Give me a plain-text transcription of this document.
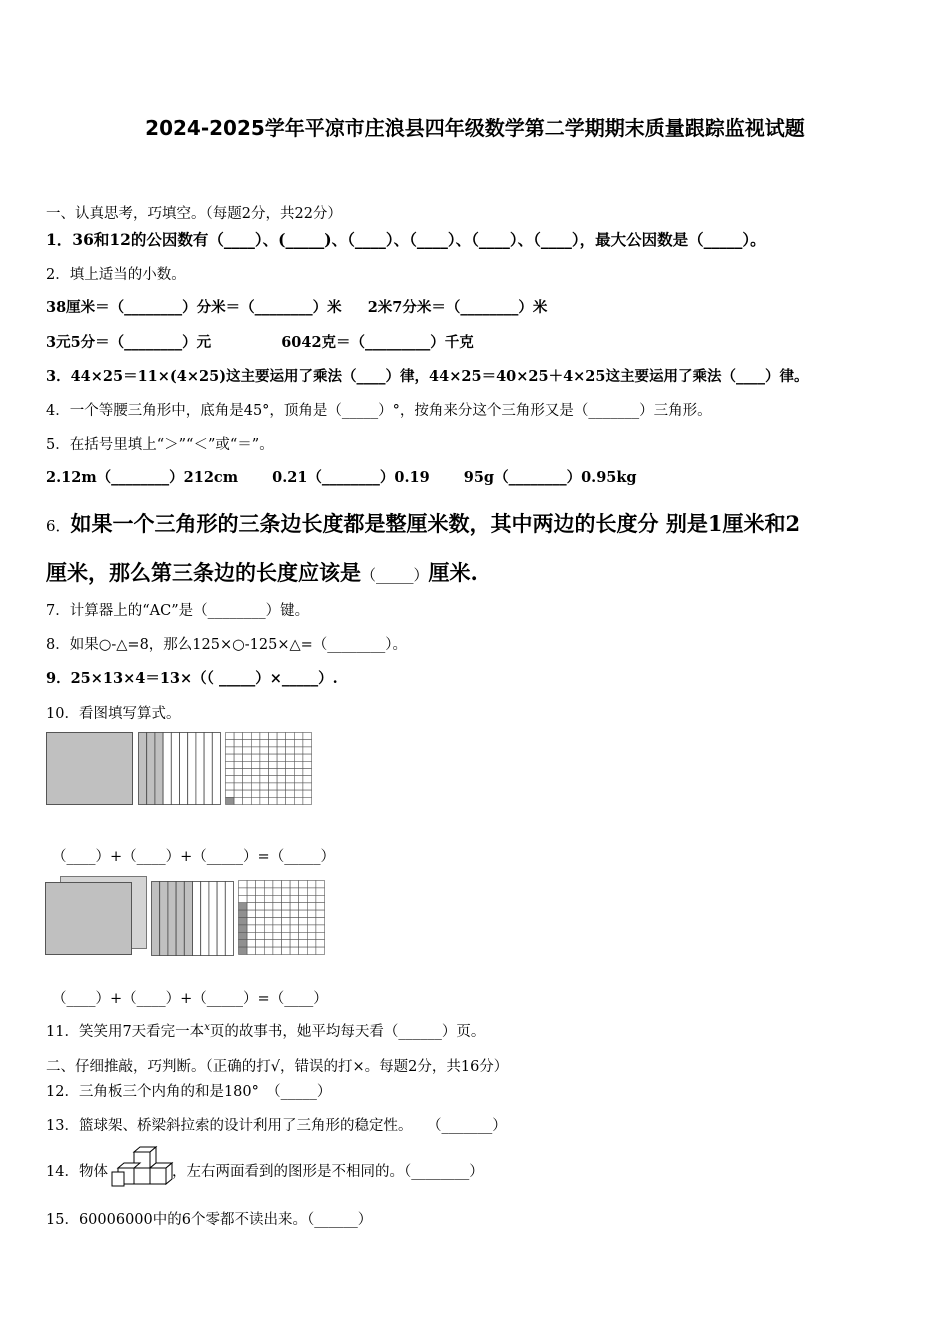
2024-2025学年平凉市庄浪县四年级数学第二学期期末质量跟踪监视试题
一、认真思考，巧填空。（每题2分，共22分）
1．36和12的公因数有（____）、(_____)、（____）、（____）、（____）、（____），最大公因数是（_____）。
2．填上适当的小数。
38厘米＝（________）分米＝（________）米 2米7分米＝（________）米
3元5分＝（________）元	6042克＝（_________）千克
3．44×25＝11×(4×25)这主要运用了乘法（____）律，44×25＝40×25＋4×25这主要运用了乘法（____）律。
4．一个等腰三角形中，底角是45°，顶角是（_____）°，按角来分这个三角形又是（_______）三角形。
5．在括号里填上“＞”“＜”或“＝”。
2.12m（________）212cm 0.21（________）0.19 95g（________）0.95kg
6．如果一个三角形的三条边长度都是整厘米数，其中两边的长度分 别是1厘米和2
厘米，那么第三条边的长度应该是（_____）厘米.
7．计算器上的“AC”是（________）键。
8．如果○-△=8，那么125×○-125×△=（________）。
9．25×13×4＝13×（（ _____）×_____）.
10．看图填写算式。
（____）+（____）+（_____）=（_____）
（____）+（____）+（_____）=（____）
11．笑笑用7天看完一本$^x$页的故事书，她平均每天看（______）页。
二、仔细推敲，巧判断。（正确的打√，错误的打×。每题2分，共16分）
12．三角板三个内角的和是180°　（_____）
13．篮球架、桥梁斜拉索的设计利用了三角形的稳定性。　　（_______）
14．物体	，左右两面看到的图形是不相同的。（________）
15．60006000中的6个零都不读出来。（______）
